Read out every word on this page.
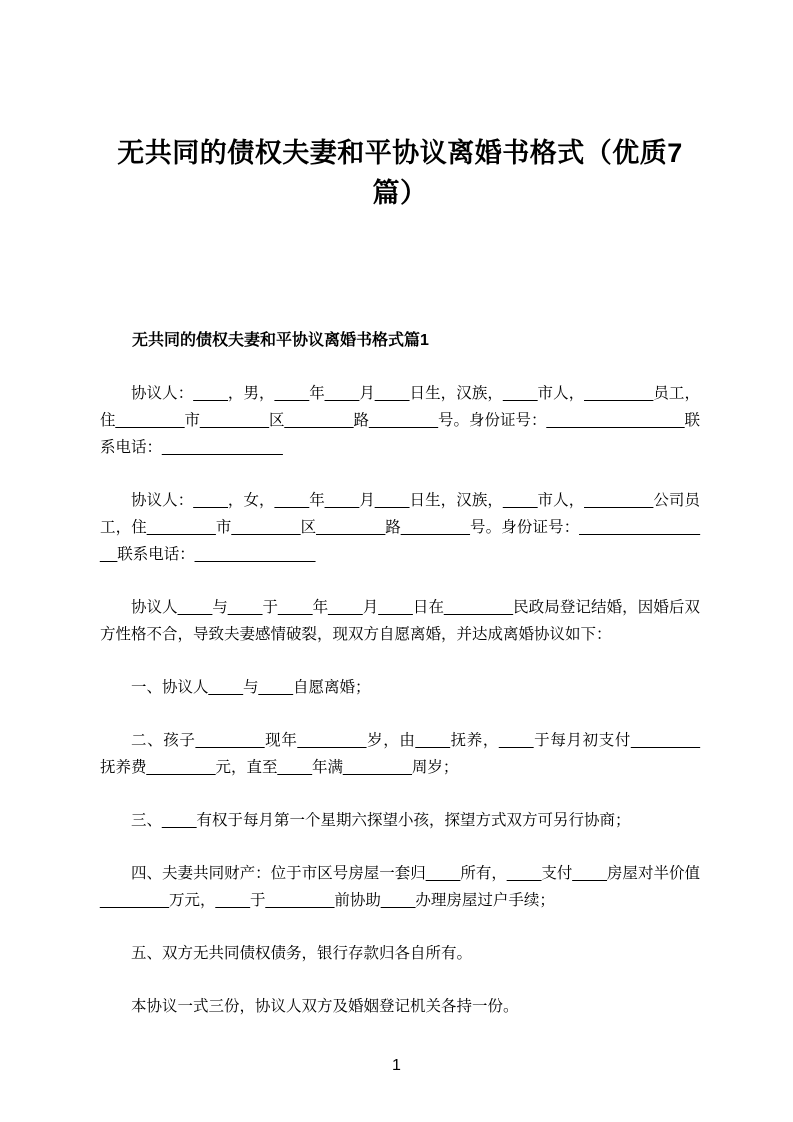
无共同的债权夫妻和平协议离婚书格式（优质7篇）
无共同的债权夫妻和平协议离婚书格式篇1

协议人：____，男，____年____月____日生，汉族，____市人，________员工，住________市________区________路________号。身份证号：________________联系电话：______________

协议人：____，女，____年____月____日生，汉族，____市人，________公司员工，住________市________区________路________号。身份证号：________________联系电话：______________

协议人____与____于____年____月____日在________民政局登记结婚，因婚后双方性格不合，导致夫妻感情破裂，现双方自愿离婚，并达成离婚协议如下：

一、协议人____与____自愿离婚；

二、孩子________现年________岁，由____抚养，____于每月初支付________抚养费________元，直至____年满________周岁；

三、____有权于每月第一个星期六探望小孩，探望方式双方可另行协商；

四、夫妻共同财产：位于市区号房屋一套归____所有，____支付____房屋对半价值________万元，____于________前协助____办理房屋过户手续；

五、双方无共同债权债务，银行存款归各自所有。

本协议一式三份，协议人双方及婚姻登记机关各持一份。

1
